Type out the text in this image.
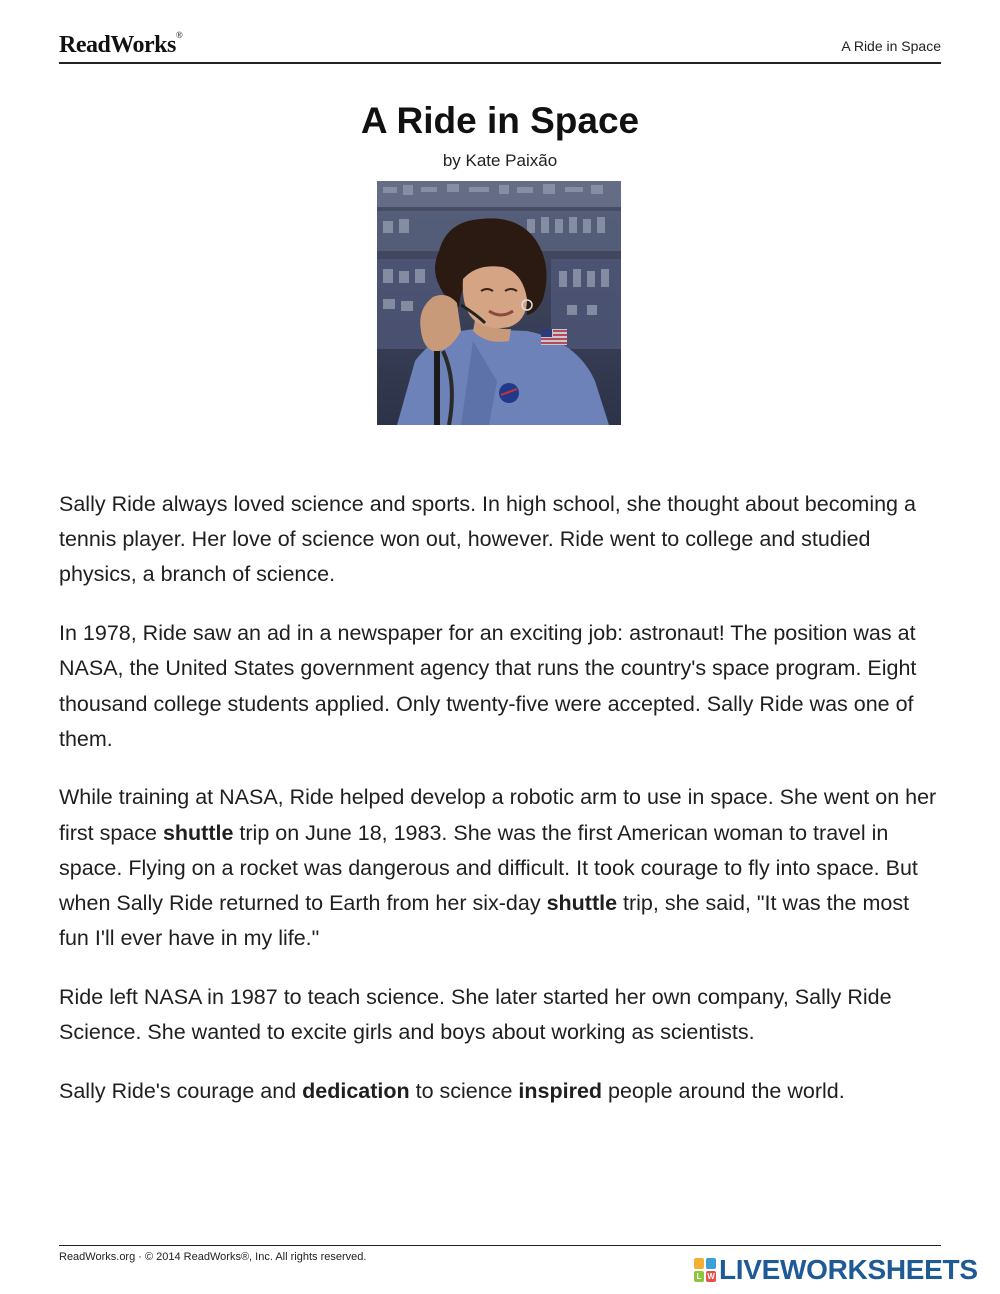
ReadWorks®
A Ride in Space
A Ride in Space
by Kate Paixão

Sally Ride always loved science and sports. In high school, she thought about becoming a tennis player. Her love of science won out, however. Ride went to college and studied physics, a branch of science.

In 1978, Ride saw an ad in a newspaper for an exciting job: astronaut! The position was at NASA, the United States government agency that runs the country's space program. Eight thousand college students applied. Only twenty-five were accepted. Sally Ride was one of them.

While training at NASA, Ride helped develop a robotic arm to use in space. She went on her first space shuttle trip on June 18, 1983. She was the first American woman to travel in space. Flying on a rocket was dangerous and difficult. It took courage to fly into space. But when Sally Ride returned to Earth from her six-day shuttle trip, she said, "It was the most fun I'll ever have in my life."

Ride left NASA in 1987 to teach science. She later started her own company, Sally Ride Science. She wanted to excite girls and boys about working as scientists.

Sally Ride's courage and dedication to science inspired people around the world.

ReadWorks.org · © 2014 ReadWorks®, Inc. All rights reserved.
L W LIVEWORKSHEETS
